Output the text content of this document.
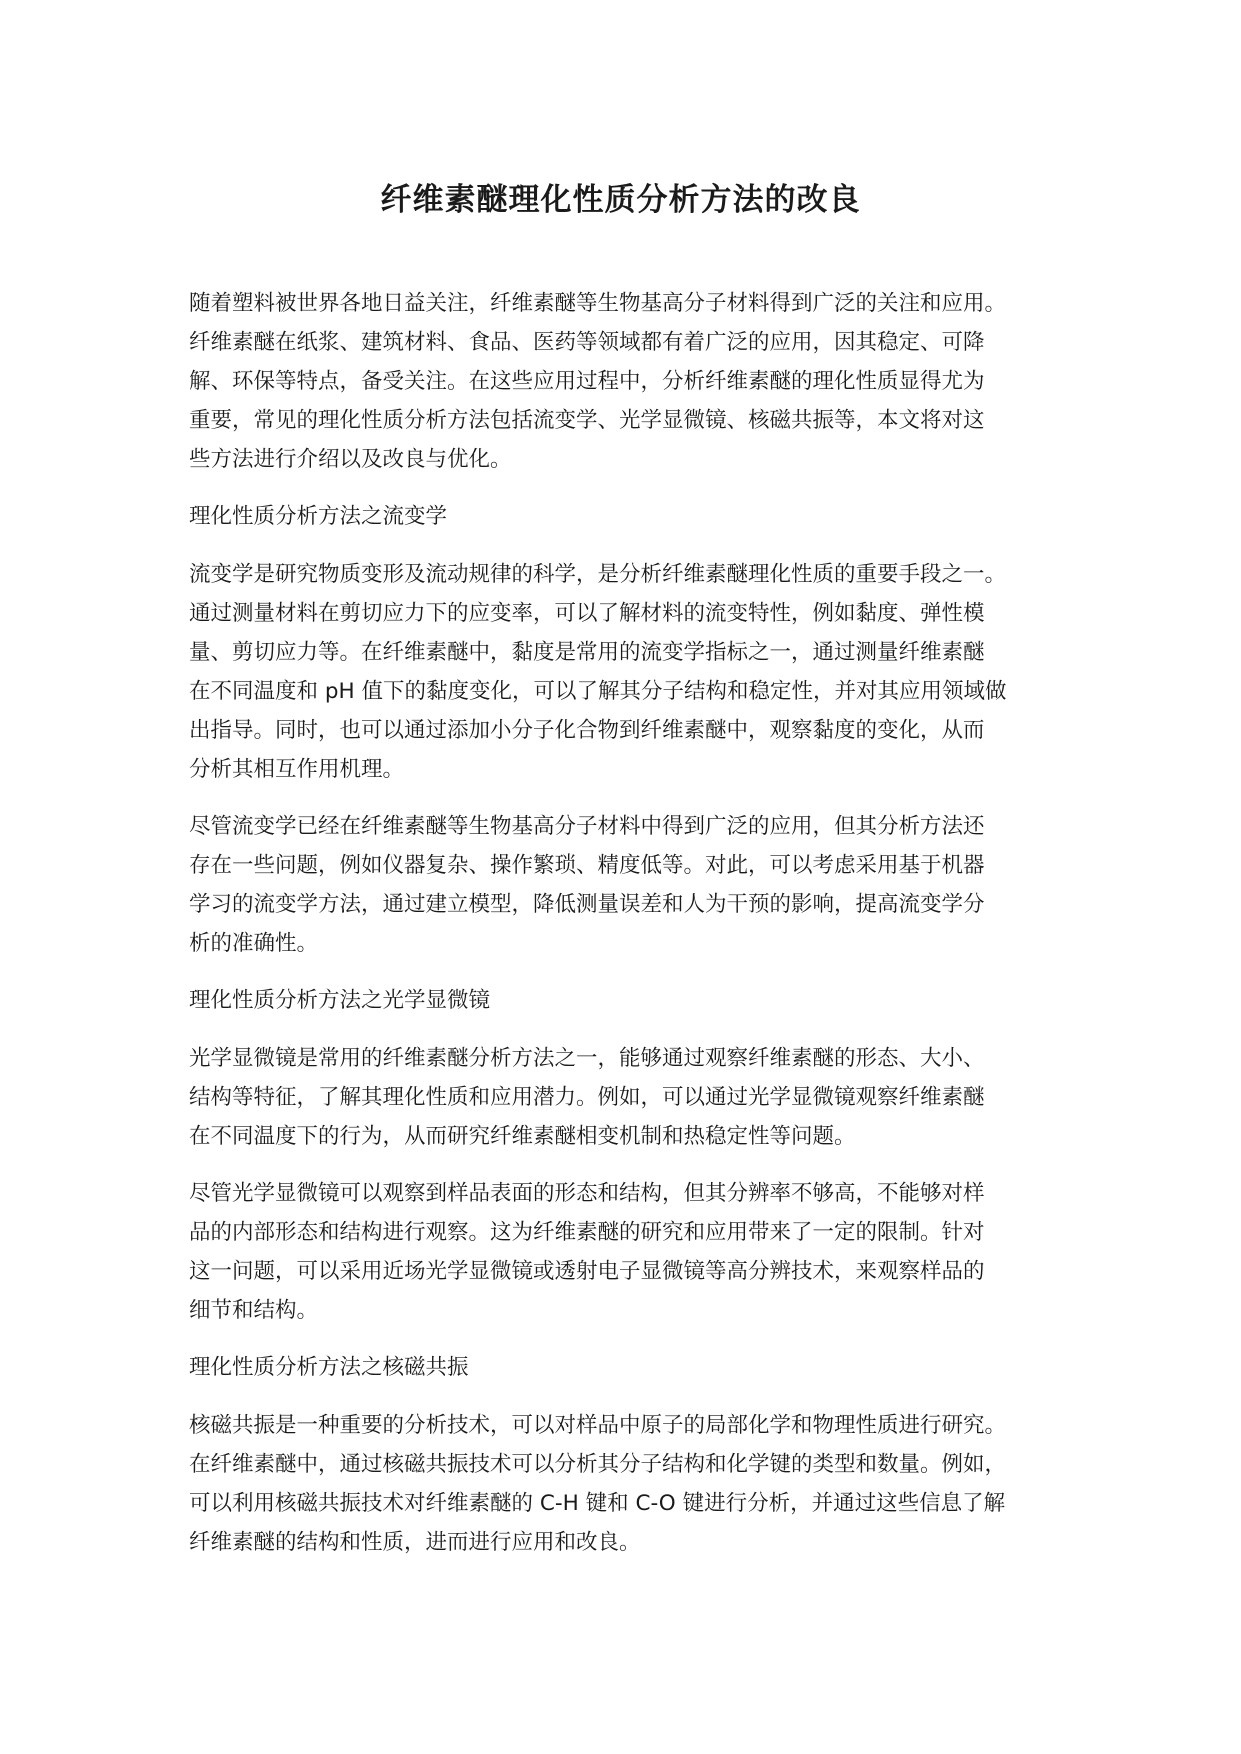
纤维素醚理化性质分析方法的改良

随着塑料被世界各地日益关注，纤维素醚等生物基高分子材料得到广泛的关注和应用。
纤维素醚在纸浆、建筑材料、食品、医药等领域都有着广泛的应用，因其稳定、可降
解、环保等特点，备受关注。在这些应用过程中，分析纤维素醚的理化性质显得尤为
重要，常见的理化性质分析方法包括流变学、光学显微镜、核磁共振等，本文将对这
些方法进行介绍以及改良与优化。

理化性质分析方法之流变学

流变学是研究物质变形及流动规律的科学，是分析纤维素醚理化性质的重要手段之一。
通过测量材料在剪切应力下的应变率，可以了解材料的流变特性，例如黏度、弹性模
量、剪切应力等。在纤维素醚中，黏度是常用的流变学指标之一，通过测量纤维素醚
在不同温度和 pH 值下的黏度变化，可以了解其分子结构和稳定性，并对其应用领域做
出指导。同时，也可以通过添加小分子化合物到纤维素醚中，观察黏度的变化，从而
分析其相互作用机理。

尽管流变学已经在纤维素醚等生物基高分子材料中得到广泛的应用，但其分析方法还
存在一些问题，例如仪器复杂、操作繁琐、精度低等。对此，可以考虑采用基于机器
学习的流变学方法，通过建立模型，降低测量误差和人为干预的影响，提高流变学分
析的准确性。

理化性质分析方法之光学显微镜

光学显微镜是常用的纤维素醚分析方法之一，能够通过观察纤维素醚的形态、大小、
结构等特征，了解其理化性质和应用潜力。例如，可以通过光学显微镜观察纤维素醚
在不同温度下的行为，从而研究纤维素醚相变机制和热稳定性等问题。

尽管光学显微镜可以观察到样品表面的形态和结构，但其分辨率不够高，不能够对样
品的内部形态和结构进行观察。这为纤维素醚的研究和应用带来了一定的限制。针对
这一问题，可以采用近场光学显微镜或透射电子显微镜等高分辨技术，来观察样品的
细节和结构。

理化性质分析方法之核磁共振

核磁共振是一种重要的分析技术，可以对样品中原子的局部化学和物理性质进行研究。
在纤维素醚中，通过核磁共振技术可以分析其分子结构和化学键的类型和数量。例如，
可以利用核磁共振技术对纤维素醚的 C-H 键和 C-O 键进行分析，并通过这些信息了解
纤维素醚的结构和性质，进而进行应用和改良。
